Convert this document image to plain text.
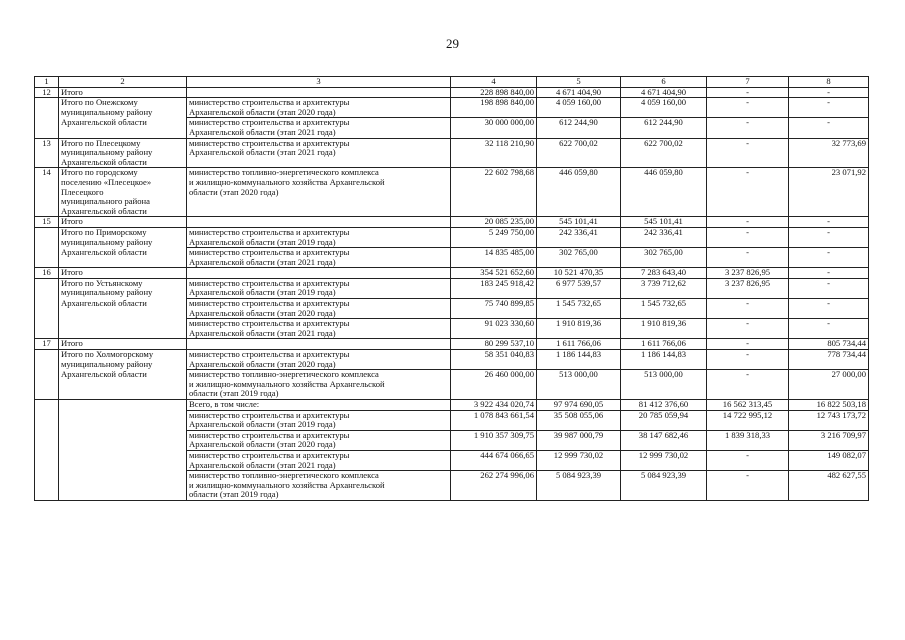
29
1	2	3	4	5	6	7	8
12	Итого		228 898 840,00	4 671 404,90	4 671 404,90	-	-
	Итого по Онежскому	министерство строительства и архитектуры	198 898 840,00	4 059 160,00	4 059 160,00	-	-
	муниципальному району	Архангельской области (этап 2020 года)					
	Архангельской области	министерство строительства и архитектуры	30 000 000,00	612 244,90	612 244,90	-	-
		Архангельской области (этап 2021 года)					
13	Итого по Плесецкому	министерство строительства и архитектуры	32 118 210,90	622 700,02	622 700,02	-	32 773,69
	муниципальному району	Архангельской области (этап 2021 года)					
	Архангельской области						
14	Итого по городскому	министерство топливно-энергетического комплекса	22 602 798,68	446 059,80	446 059,80	-	23 071,92
	поселению «Плесецкое»	и жилищно-коммунального хозяйства Архангельской					
	Плесецкого	области (этап 2020 года)					
	муниципального района						
	Архангельской области						
15	Итого		20 085 235,00	545 101,41	545 101,41	-	-
	Итого по Приморскому	министерство строительства и архитектуры	5 249 750,00	242 336,41	242 336,41	-	-
	муниципальному району	Архангельской области (этап 2019 года)					
	Архангельской области	министерство строительства и архитектуры	14 835 485,00	302 765,00	302 765,00	-	-
		Архангельской области (этап 2021 года)					
16	Итого		354 521 652,60	10 521 470,35	7 283 643,40	3 237 826,95	-
	Итого по Устьянскому	министерство строительства и архитектуры	183 245 918,42	6 977 539,57	3 739 712,62	3 237 826,95	-
	муниципальному району	Архангельской области (этап 2019 года)					
	Архангельской области	министерство строительства и архитектуры	75 740 899,85	1 545 732,65	1 545 732,65	-	-
		Архангельской области (этап 2020 года)					
		министерство строительства и архитектуры	91 023 330,60	1 910 819,36	1 910 819,36	-	-
		Архангельской области (этап 2021 года)					
17	Итого		80 299 537,10	1 611 766,06	1 611 766,06	-	805 734,44
	Итого по Холмогорскому	министерство строительства и архитектуры	58 351 040,83	1 186 144,83	1 186 144,83	-	778 734,44
	муниципальному району	Архангельской области (этап 2020 года)					
	Архангельской области	министерство топливно-энергетического комплекса	26 460 000,00	513 000,00	513 000,00	-	27 000,00
		и жилищно-коммунального хозяйства Архангельской					
		области (этап 2019 года)					
		Всего, в том числе:	3 922 434 020,74	97 974 690,05	81 412 376,60	16 562 313,45	16 822 503,18
		министерство строительства и архитектуры	1 078 843 661,54	35 508 055,06	20 785 059,94	14 722 995,12	12 743 173,72
		Архангельской области (этап 2019 года)					
		министерство строительства и архитектуры	1 910 357 309,75	39 987 000,79	38 147 682,46	1 839 318,33	3 216 709,97
		Архангельской области (этап 2020 года)					
		министерство строительства и архитектуры	444 674 066,65	12 999 730,02	12 999 730,02	-	149 082,07
		Архангельской области (этап 2021 года)					
		министерство топливно-энергетического комплекса	262 274 996,06	5 084 923,39	5 084 923,39	-	482 627,55
		и жилищно-коммунального хозяйства Архангельской					
		области (этап 2019 года)					
